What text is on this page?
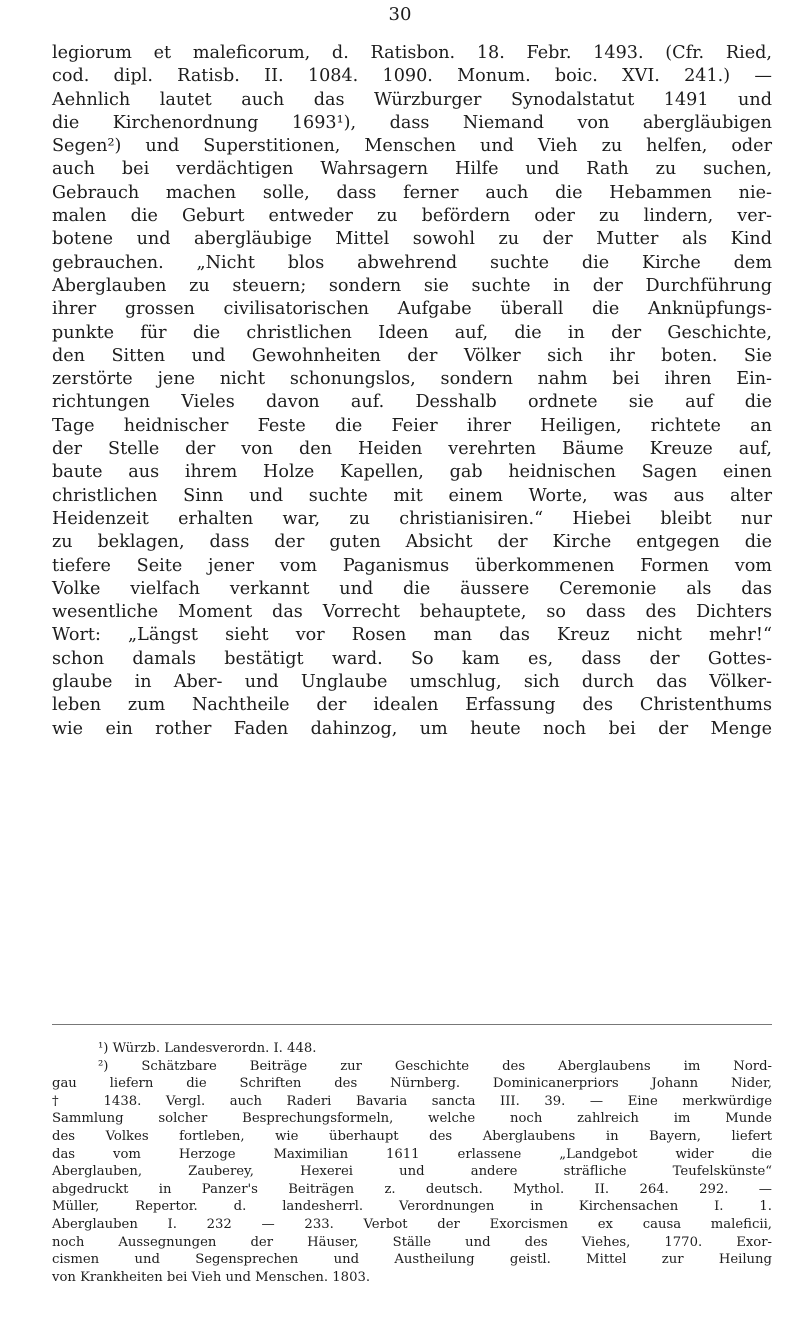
30
legiorum et maleficorum, d. Ratisbon. 18. Febr. 1493. (Cfr. Ried,
cod. dipl. Ratisb. II. 1084. 1090. Monum. boic. XVI. 241.) —
Aehnlich lautet auch das Würzburger Synodalstatut 1491 und
die Kirchenordnung 1693¹), dass Niemand von abergläubigen
Segen²) und Superstitionen, Menschen und Vieh zu helfen, oder
auch bei verdächtigen Wahrsagern Hilfe und Rath zu suchen,
Gebrauch machen solle, dass ferner auch die Hebammen nie-
malen die Geburt entweder zu befördern oder zu lindern, ver-
botene und abergläubige Mittel sowohl zu der Mutter als Kind
gebrauchen. „Nicht blos abwehrend suchte die Kirche dem
Aberglauben zu steuern; sondern sie suchte in der Durchführung
ihrer grossen civilisatorischen Aufgabe überall die Anknüpfungs-
punkte für die christlichen Ideen auf, die in der Geschichte,
den Sitten und Gewohnheiten der Völker sich ihr boten. Sie
zerstörte jene nicht schonungslos, sondern nahm bei ihren Ein-
richtungen Vieles davon auf. Desshalb ordnete sie auf die
Tage heidnischer Feste die Feier ihrer Heiligen, richtete an
der Stelle der von den Heiden verehrten Bäume Kreuze auf,
baute aus ihrem Holze Kapellen, gab heidnischen Sagen einen
christlichen Sinn und suchte mit einem Worte, was aus alter
Heidenzeit erhalten war, zu christianisiren.“ Hiebei bleibt nur
zu beklagen, dass der guten Absicht der Kirche entgegen die
tiefere Seite jener vom Paganismus überkommenen Formen vom
Volke vielfach verkannt und die äussere Ceremonie als das
wesentliche Moment das Vorrecht behauptete, so dass des Dichters
Wort: „Längst sieht vor Rosen man das Kreuz nicht mehr!“
schon damals bestätigt ward. So kam es, dass der Gottes-
glaube in Aber- und Unglaube umschlug, sich durch das Völker-
leben zum Nachtheile der idealen Erfassung des Christenthums
wie ein rother Faden dahinzog, um heute noch bei der Menge
¹) Würzb. Landesverordn. I. 448.
²) Schätzbare Beiträge zur Geschichte des Aberglaubens im Nord-
gau liefern die Schriften des Nürnberg. Dominicanerpriors Johann Nider,
† 1438. Vergl. auch Raderi Bavaria sancta III. 39. — Eine merkwürdige
Sammlung solcher Besprechungsformeln, welche noch zahlreich im Munde
des Volkes fortleben, wie überhaupt des Aberglaubens in Bayern, liefert
das vom Herzoge Maximilian 1611 erlassene „Landgebot wider die
Aberglauben, Zauberey, Hexerei und andere sträfliche Teufelskünste“
abgedruckt in Panzer's Beiträgen z. deutsch. Mythol. II. 264. 292. —
Müller, Repertor. d. landesherrl. Verordnungen in Kirchensachen I. 1.
Aberglauben I. 232 — 233. Verbot der Exorcismen ex causa maleficii,
noch Aussegnungen der Häuser, Ställe und des Viehes, 1770. Exor-
cismen und Segensprechen und Austheilung geistl. Mittel zur Heilung
von Krankheiten bei Vieh und Menschen. 1803.
